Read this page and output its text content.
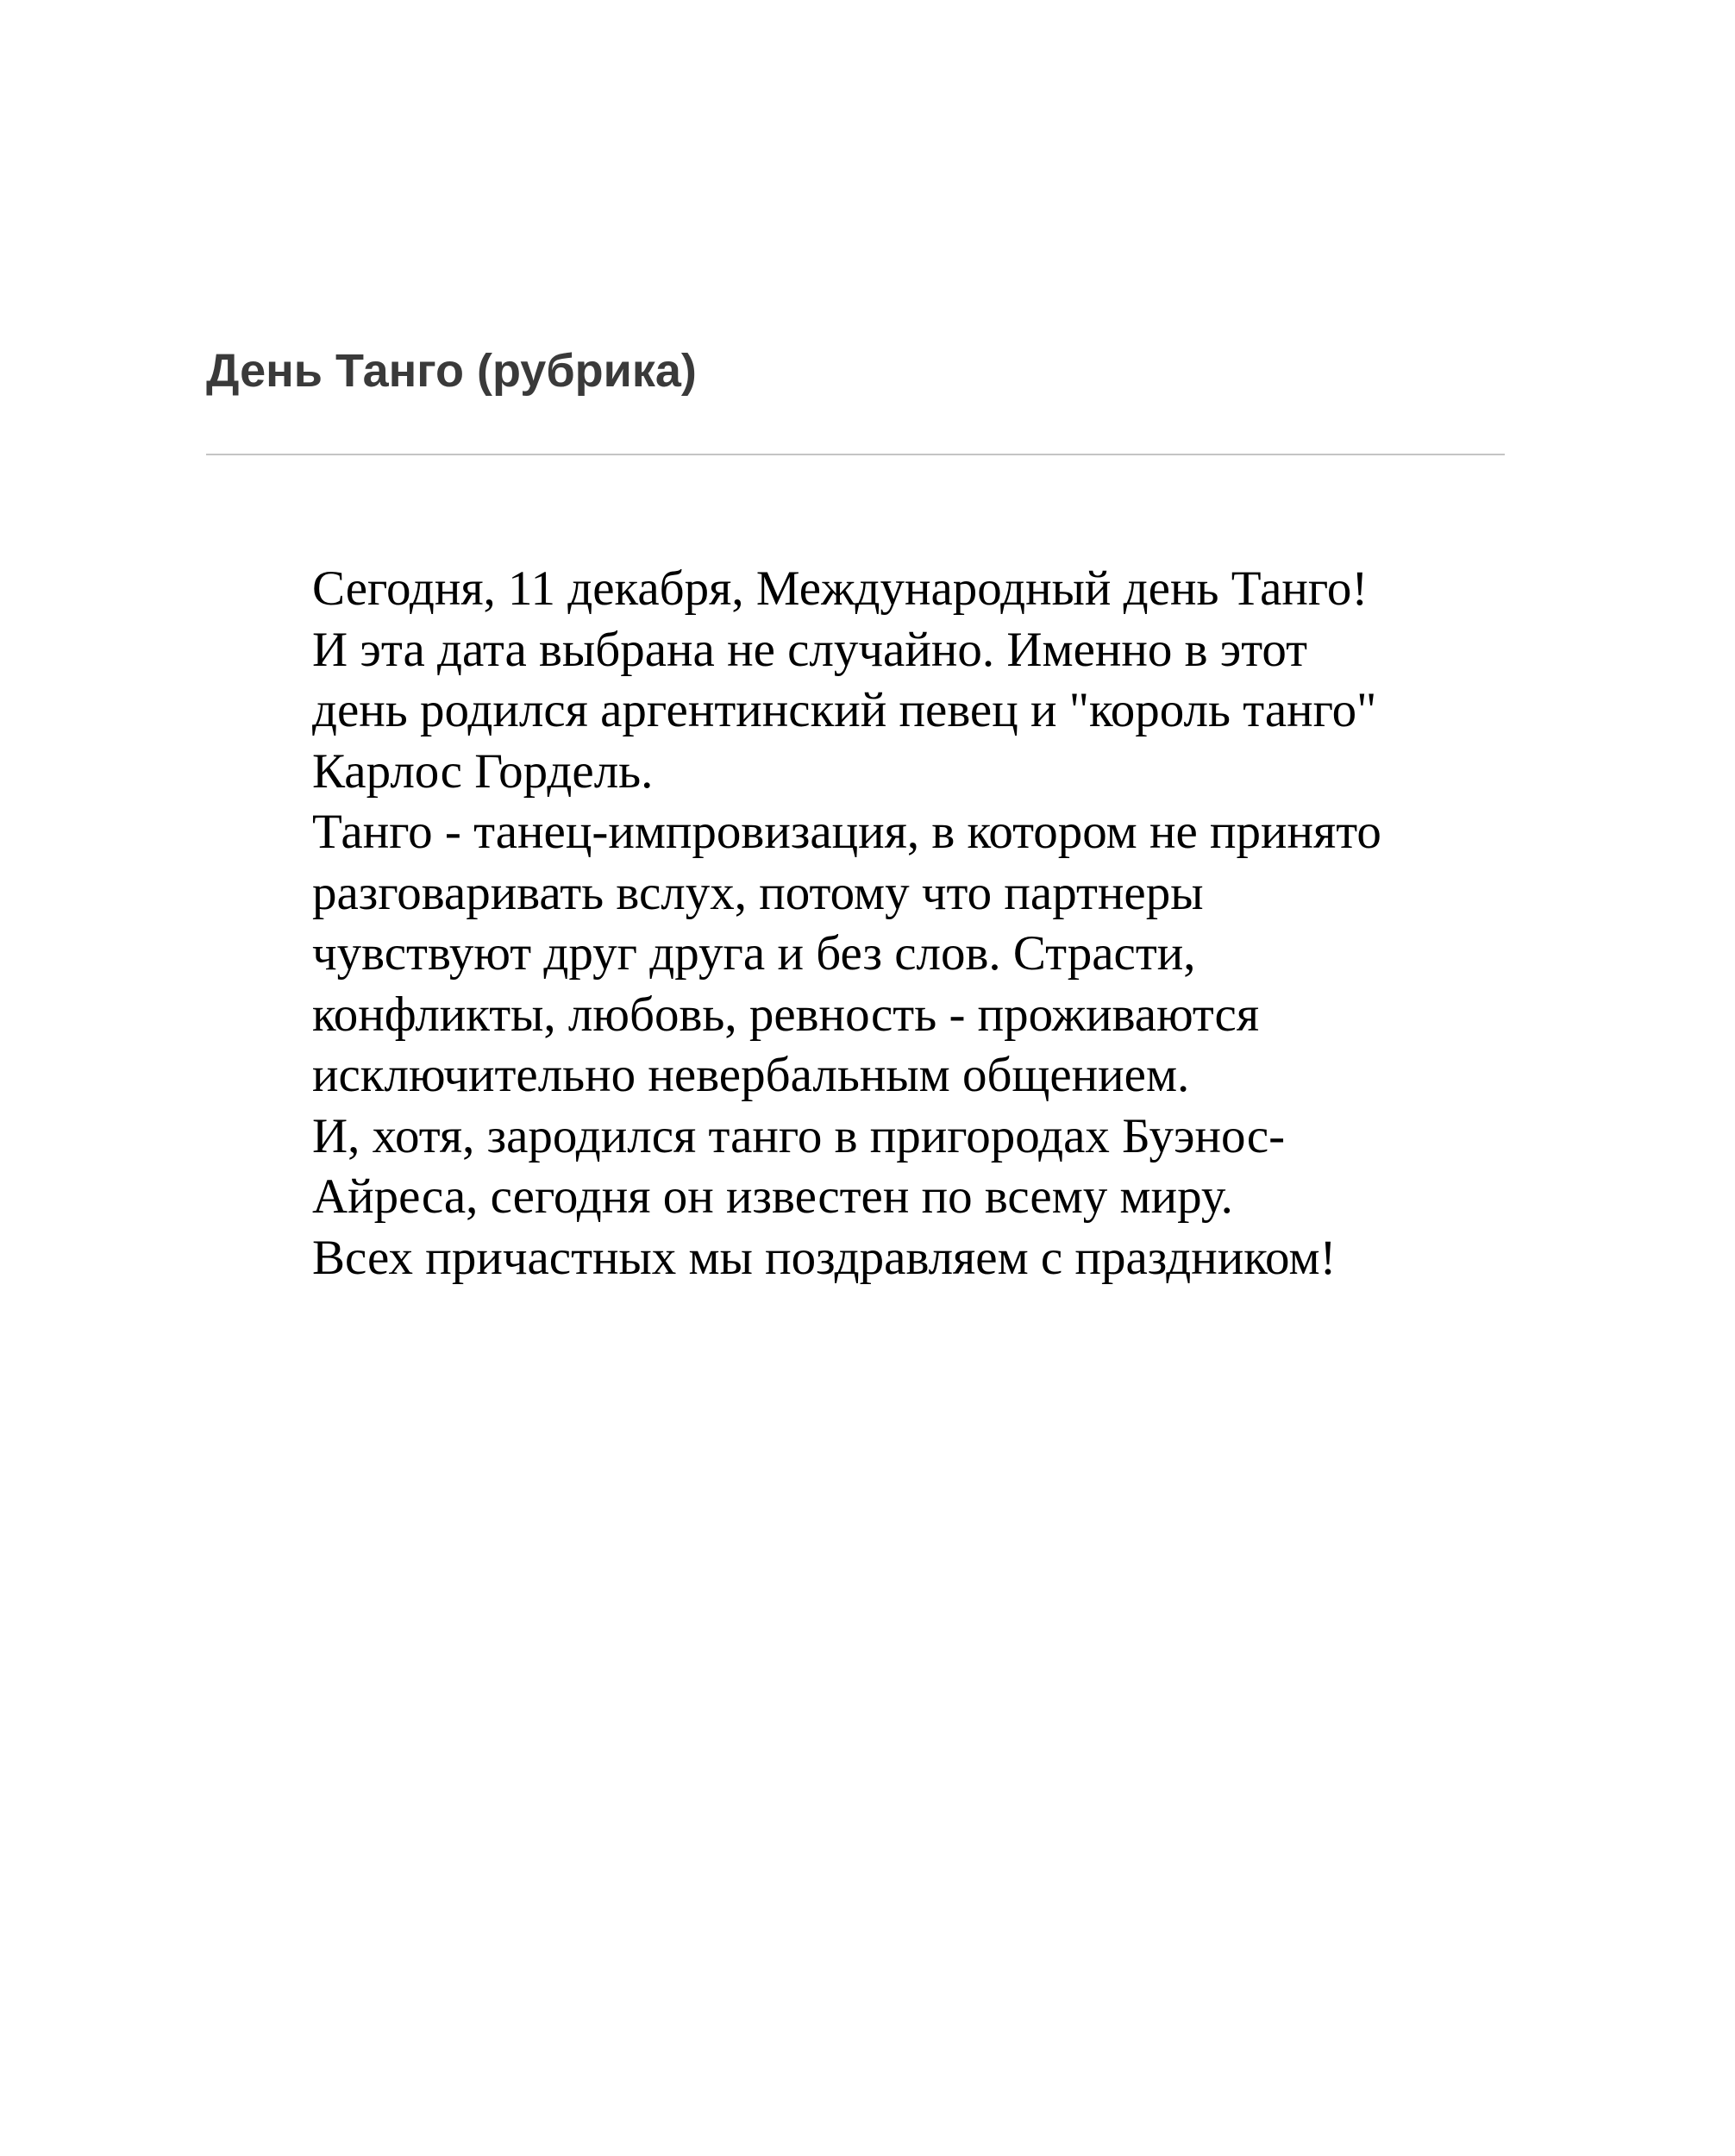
День Танго (рубрика)
Сегодня, 11 декабря, Международный день Танго!
И эта дата выбрана не случайно. Именно в этот
день родился аргентинский певец и "король танго"
Карлос Гордель.
Танго - танец-импровизация, в котором не принято
разговаривать вслух, потому что партнеры
чувствуют друг друга и без слов. Страсти,
конфликты, любовь, ревность - проживаются
исключительно невербальным общением.
И, хотя, зародился танго в пригородах Буэнос-
Айреса, сегодня он известен по всему миру.
Всех причастных мы поздравляем с праздником!
